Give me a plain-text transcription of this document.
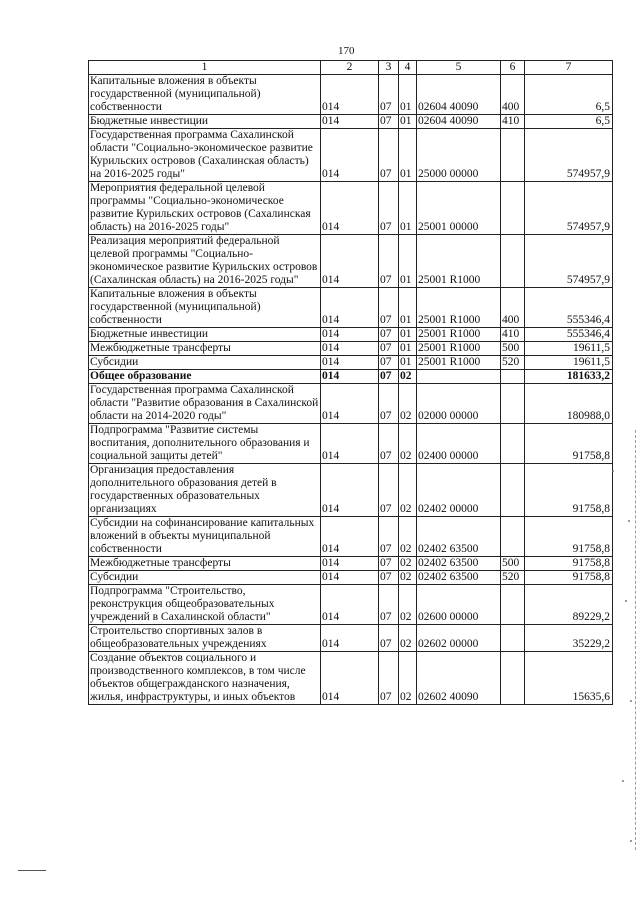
170
1	2	3	4	5	6	7
Капитальные вложения в объекты государственной (муниципальной) собственности	014	07	01	02604 40090	400	6,5
Бюджетные инвестиции	014	07	01	02604 40090	410	6,5
Государственная программа Сахалинской области "Социально-экономическое развитие Курильских островов (Сахалинская область) на 2016-2025 годы"	014	07	01	25000 00000		574957,9
Мероприятия федеральной целевой программы "Социально-экономическое развитие Курильских островов (Сахалинская область) на 2016-2025 годы"	014	07	01	25001 00000		574957,9
Реализация мероприятий федеральной целевой программы "Социально-экономическое развитие Курильских островов (Сахалинская область) на 2016-2025 годы"	014	07	01	25001 R1000		574957,9
Капитальные вложения в объекты государственной (муниципальной) собственности	014	07	01	25001 R1000	400	555346,4
Бюджетные инвестиции	014	07	01	25001 R1000	410	555346,4
Межбюджетные трансферты	014	07	01	25001 R1000	500	19611,5
Субсидии	014	07	01	25001 R1000	520	19611,5
Общее образование	014	07	02			181633,2
Государственная программа Сахалинской области "Развитие образования в Сахалинской области на 2014-2020 годы"	014	07	02	02000 00000		180988,0
Подпрограмма "Развитие системы воспитания, дополнительного образования и социальной защиты детей"	014	07	02	02400 00000		91758,8
Организация предоставления дополнительного образования детей в государственных образовательных организациях	014	07	02	02402 00000		91758,8
Субсидии на софинансирование капитальных вложений в объекты муниципальной собственности	014	07	02	02402 63500		91758,8
Межбюджетные трансферты	014	07	02	02402 63500	500	91758,8
Субсидии	014	07	02	02402 63500	520	91758,8
Подпрограмма "Строительство, реконструкция общеобразовательных учреждений в Сахалинской области"	014	07	02	02600 00000		89229,2
Строительство спортивных залов в общеобразовательных учреждениях	014	07	02	02602 00000		35229,2
Создание объектов социального и производственного комплексов, в том числе объектов общегражданского назначения, жилья, инфраструктуры, и иных объектов	014	07	02	02602 40090		15635,6
